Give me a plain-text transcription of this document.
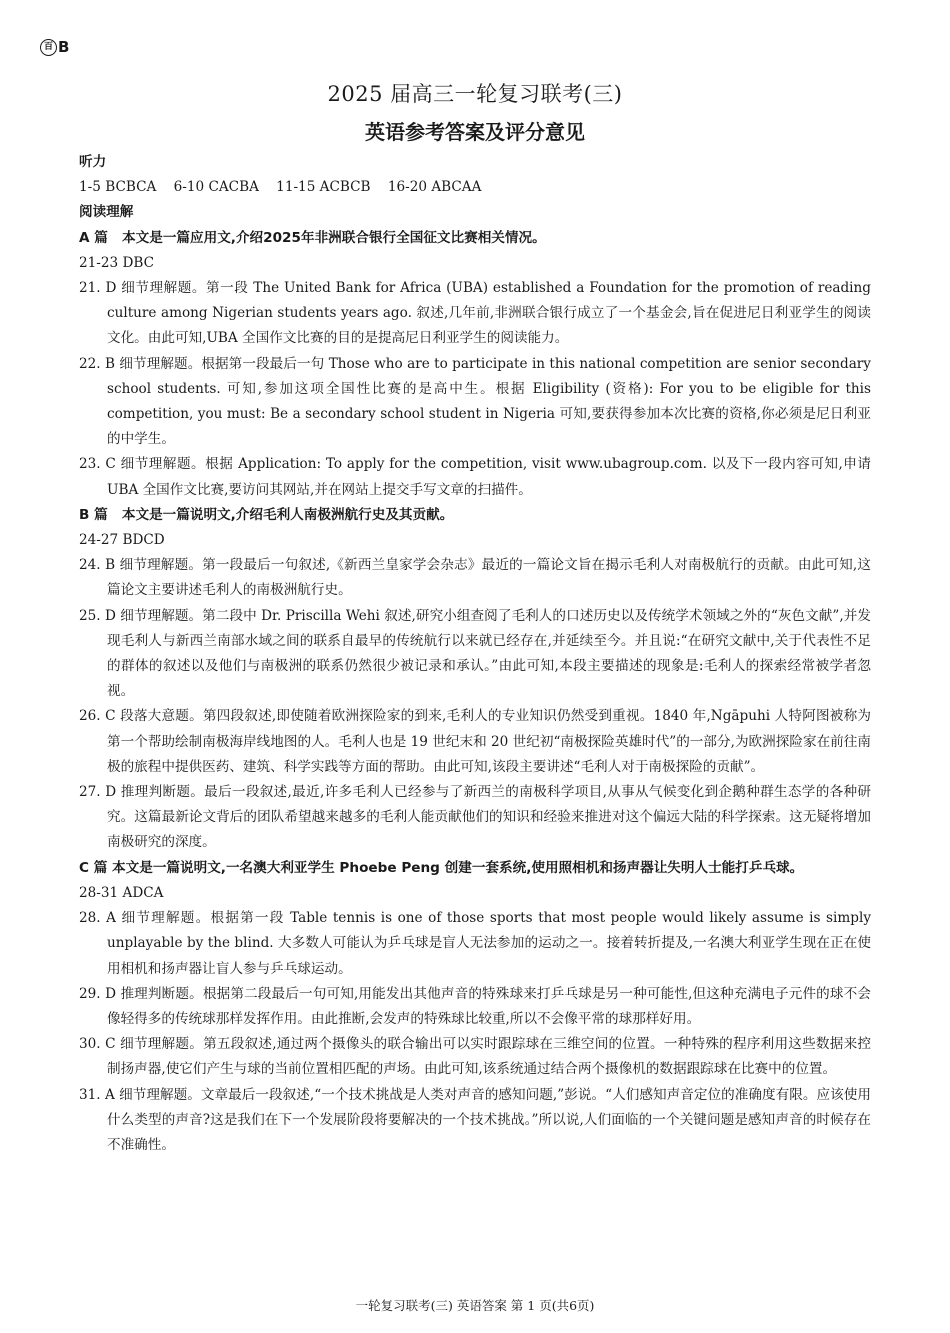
百 B
2025 届高三一轮复习联考(三)
英语参考答案及评分意见
听力
1-5 BCBCA    6-10 CACBA    11-15 ACBCB    16-20 ABCAA
阅读理解
A 篇   本文是一篇应用文,介绍2025年非洲联合银行全国征文比赛相关情况。
21-23 DBC
21. D 细节理解题。第一段 The United Bank for Africa (UBA) established a Foundation for the promotion of reading culture among Nigerian students years ago. 叙述,几年前,非洲联合银行成立了一个基金会,旨在促进尼日利亚学生的阅读文化。由此可知,UBA 全国作文比赛的目的是提高尼日利亚学生的阅读能力。
22. B 细节理解题。根据第一段最后一句 Those who are to participate in this national competition are senior secondary school students. 可知,参加这项全国性比赛的是高中生。根据 Eligibility (资格): For you to be eligible for this competition, you must: Be a secondary school student in Nigeria 可知,要获得参加本次比赛的资格,你必须是尼日利亚的中学生。
23. C 细节理解题。根据 Application: To apply for the competition, visit www.ubagroup.com. 以及下一段内容可知,申请 UBA 全国作文比赛,要访问其网站,并在网站上提交手写文章的扫描件。
B 篇   本文是一篇说明文,介绍毛利人南极洲航行史及其贡献。
24-27 BDCD
24. B 细节理解题。第一段最后一句叙述,《新西兰皇家学会杂志》最近的一篇论文旨在揭示毛利人对南极航行的贡献。由此可知,这篇论文主要讲述毛利人的南极洲航行史。
25. D 细节理解题。第二段中 Dr. Priscilla Wehi 叙述,研究小组查阅了毛利人的口述历史以及传统学术领域之外的“灰色文献”,并发现毛利人与新西兰南部水域之间的联系自最早的传统航行以来就已经存在,并延续至今。并且说:“在研究文献中,关于代表性不足的群体的叙述以及他们与南极洲的联系仍然很少被记录和承认。”由此可知,本段主要描述的现象是:毛利人的探索经常被学者忽视。
26. C 段落大意题。第四段叙述,即使随着欧洲探险家的到来,毛利人的专业知识仍然受到重视。1840 年,Ngāpuhi 人特阿图被称为第一个帮助绘制南极海岸线地图的人。毛利人也是 19 世纪末和 20 世纪初“南极探险英雄时代”的一部分,为欧洲探险家在前往南极的旅程中提供医药、建筑、科学实践等方面的帮助。由此可知,该段主要讲述“毛利人对于南极探险的贡献”。
27. D 推理判断题。最后一段叙述,最近,许多毛利人已经参与了新西兰的南极科学项目,从事从气候变化到企鹅种群生态学的各种研究。这篇最新论文背后的团队希望越来越多的毛利人能贡献他们的知识和经验来推进对这个偏远大陆的科学探索。这无疑将增加南极研究的深度。
C 篇 本文是一篇说明文,一名澳大利亚学生 Phoebe Peng 创建一套系统,使用照相机和扬声器让失明人士能打乒乓球。
28-31 ADCA
28. A 细节理解题。根据第一段 Table tennis is one of those sports that most people would likely assume is simply unplayable by the blind. 大多数人可能认为乒乓球是盲人无法参加的运动之一。接着转折提及,一名澳大利亚学生现在正在使用相机和扬声器让盲人参与乒乓球运动。
29. D 推理判断题。根据第二段最后一句可知,用能发出其他声音的特殊球来打乒乓球是另一种可能性,但这种充满电子元件的球不会像轻得多的传统球那样发挥作用。由此推断,会发声的特殊球比较重,所以不会像平常的球那样好用。
30. C 细节理解题。第五段叙述,通过两个摄像头的联合输出可以实时跟踪球在三维空间的位置。一种特殊的程序利用这些数据来控制扬声器,使它们产生与球的当前位置相匹配的声场。由此可知,该系统通过结合两个摄像机的数据跟踪球在比赛中的位置。
31. A 细节理解题。文章最后一段叙述,“一个技术挑战是人类对声音的感知问题,”彭说。“人们感知声音定位的准确度有限。应该使用什么类型的声音?这是我们在下一个发展阶段将要解决的一个技术挑战。”所以说,人们面临的一个关键问题是感知声音的时候存在不准确性。
一轮复习联考(三) 英语答案 第 1 页(共6页)
